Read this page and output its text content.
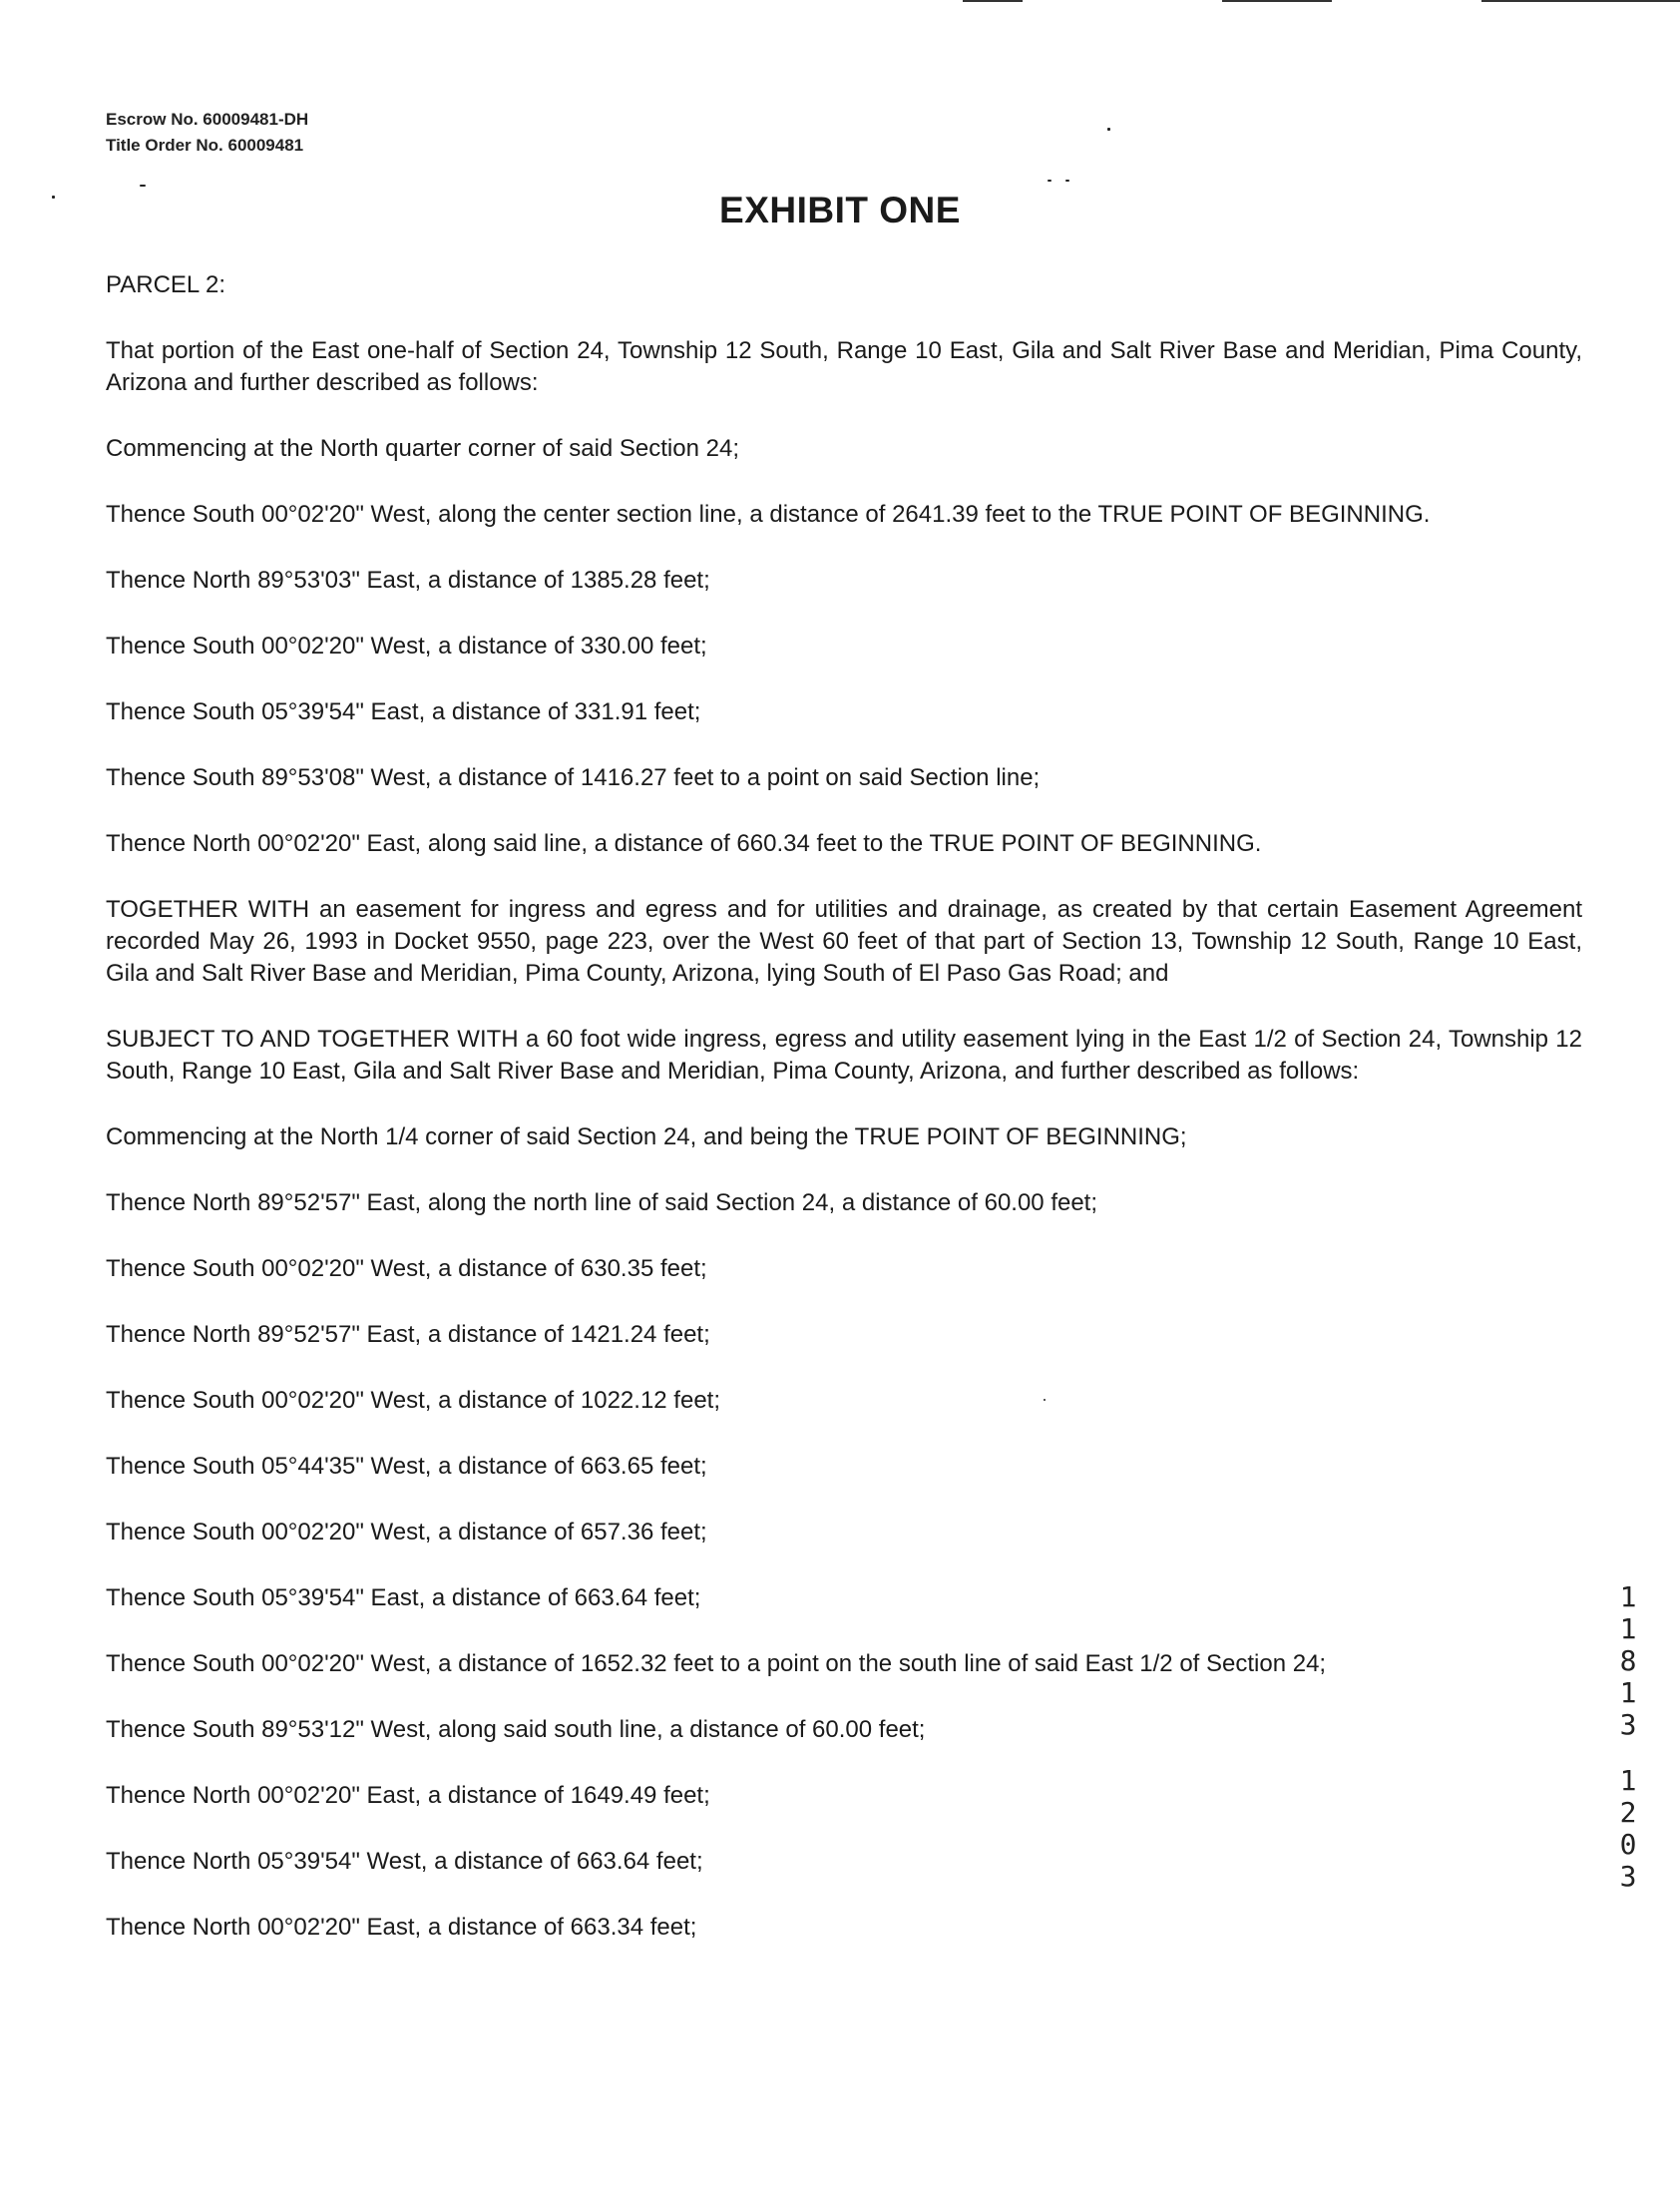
Escrow No. 60009481-DH
Title Order No. 60009481
EXHIBIT ONE

PARCEL 2:

That portion of the East one-half of Section 24, Township 12 South, Range 10 East, Gila and Salt River Base and Meridian, Pima County, Arizona and further described as follows:

Commencing at the North quarter corner of said Section 24;

Thence South 00°02'20" West, along the center section line, a distance of 2641.39 feet to the TRUE POINT OF BEGINNING.

Thence North 89°53'03" East, a distance of 1385.28 feet;

Thence South 00°02'20" West, a distance of 330.00 feet;

Thence South 05°39'54" East, a distance of 331.91 feet;

Thence South 89°53'08" West, a distance of 1416.27 feet to a point on said Section line;

Thence North 00°02'20" East, along said line, a distance of 660.34 feet to the TRUE POINT OF BEGINNING.

TOGETHER WITH an easement for ingress and egress and for utilities and drainage, as created by that certain Easement Agreement recorded May 26, 1993 in Docket 9550, page 223, over the West 60 feet of that part of Section 13, Township 12 South, Range 10 East, Gila and Salt River Base and Meridian, Pima County, Arizona, lying South of El Paso Gas Road; and

SUBJECT TO AND TOGETHER WITH a 60 foot wide ingress, egress and utility easement lying in the East 1/2 of Section 24, Township 12 South, Range 10 East, Gila and Salt River Base and Meridian, Pima County, Arizona, and further described as follows:

Commencing at the North 1/4 corner of said Section 24, and being the TRUE POINT OF BEGINNING;

Thence North 89°52'57" East, along the north line of said Section 24, a distance of 60.00 feet;

Thence South 00°02'20" West, a distance of 630.35 feet;

Thence North 89°52'57" East, a distance of 1421.24 feet;

Thence South 00°02'20" West, a distance of 1022.12 feet;

Thence South 05°44'35" West, a distance of 663.65 feet;

Thence South 00°02'20" West, a distance of 657.36 feet;

Thence South 05°39'54" East, a distance of 663.64 feet;

Thence South 00°02'20" West, a distance of 1652.32 feet to a point on the south line of said East 1/2 of Section 24;

Thence South 89°53'12" West, along said south line, a distance of 60.00 feet;

Thence North 00°02'20" East, a distance of 1649.49 feet;

Thence North 05°39'54" West, a distance of 663.64 feet;

Thence North 00°02'20" East, a distance of 663.34 feet;

1
1
8
1
3
1
2
0
3
